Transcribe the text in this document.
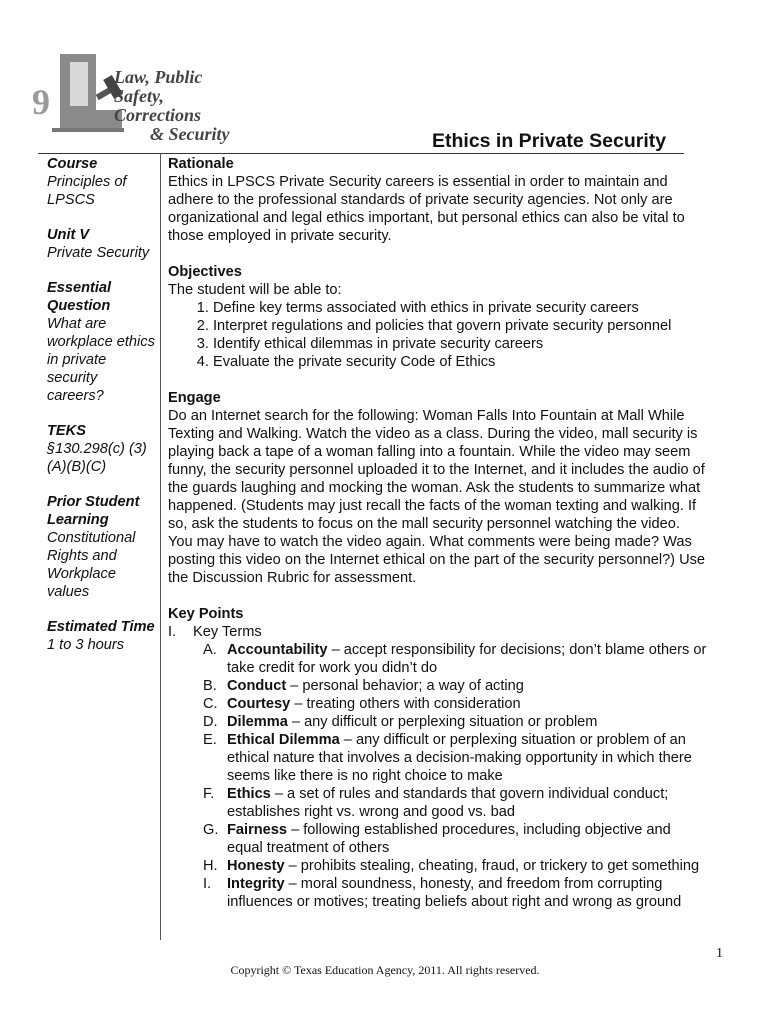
9
Law, Public Safety,
Corrections
& Security	Ethics in Private Security
Course
Principles of LPSCS
Unit V
Private Security
Essential Question
What are workplace ethics in private security careers?
TEKS
§130.298(c) (3)(A)(B)(C)
Prior Student Learning
Constitutional Rights and Workplace values
Estimated Time
1 to 3 hours
Rationale

Ethics in LPSCS Private Security careers is essential in order to maintain and adhere to the professional standards of private security agencies. Not only are organizational and legal ethics important, but personal ethics can also be vital to those employed in private security.

Objectives

The student will be able to:

1. Define key terms associated with ethics in private security careers
2. Interpret regulations and policies that govern private security personnel
3. Identify ethical dilemmas in private security careers
4. Evaluate the private security Code of Ethics
Engage

Do an Internet search for the following: Woman Falls Into Fountain at Mall While Texting and Walking. Watch the video as a class. During the video, mall security is playing back a tape of a woman falling into a fountain. While the video may seem funny, the security personnel uploaded it to the Internet, and it includes the audio of the guards laughing and mocking the woman. Ask the students to summarize what happened. (Students may just recall the facts of the woman texting and walking. If so, ask the students to focus on the mall security personnel watching the video. You may have to watch the video again. What comments were being made? Was posting this video on the Internet ethical on the part of the security personnel?) Use the Discussion Rubric for assessment.

Key Points
I. Key Terms
A. Accountability – accept responsibility for decisions; don’t blame others or take credit for work you didn’t do
B. Conduct – personal behavior; a way of acting
C. Courtesy – treating others with consideration
D. Dilemma – any difficult or perplexing situation or problem
E. Ethical Dilemma – any difficult or perplexing situation or problem of an ethical nature that involves a decision-making opportunity in which there seems like there is no right choice to make
F. Ethics – a set of rules and standards that govern individual conduct; establishes right vs. wrong and good vs. bad
G. Fairness – following established procedures, including objective and equal treatment of others
H. Honesty – prohibits stealing, cheating, fraud, or trickery to get something
I. Integrity – moral soundness, honesty, and freedom from corrupting influences or motives; treating beliefs about right and wrong as ground
1
Copyright © Texas Education Agency, 2011. All rights reserved.
